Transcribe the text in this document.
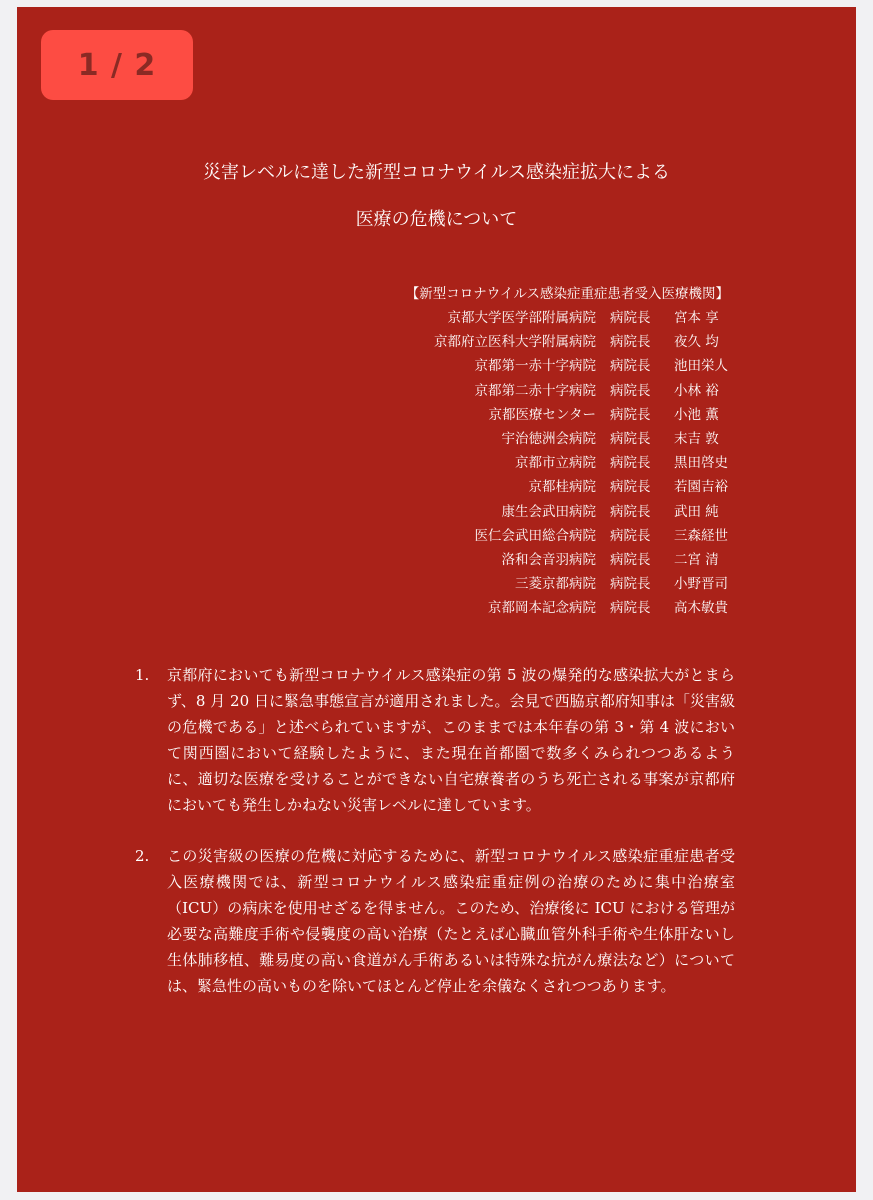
1 / 2
災害レベルに達した新型コロナウイルス感染症拡大による
医療の危機について
【新型コロナウイルス感染症重症患者受入医療機関】
京都大学医学部附属病院 病院長	宮本 享
京都府立医科大学附属病院 病院長	夜久 均
京都第一赤十字病院 病院長	池田栄人
京都第二赤十字病院 病院長	小林 裕
京都医療センター 病院長	小池 薫
宇治徳洲会病院 病院長	末吉 敦
京都市立病院 病院長	黒田啓史
京都桂病院 病院長	若園吉裕
康生会武田病院 病院長	武田 純
医仁会武田総合病院 病院長	三森経世
洛和会音羽病院 病院長	二宮 清
三菱京都病院 病院長	小野晋司
京都岡本記念病院 病院長	高木敏貴
1. 京都府においても新型コロナウイルス感染症の第 5 波の爆発的な感染拡大がとまらず、8 月 20 日に緊急事態宣言が適用されました。会見で西脇京都府知事は「災害級の危機である」と述べられていますが、このままでは本年春の第 3・第 4 波において関西圏において経験したように、また現在首都圏で数多くみられつつあるように、適切な医療を受けることができない自宅療養者のうち死亡される事案が京都府においても発生しかねない災害レベルに達しています。
2. この災害級の医療の危機に対応するために、新型コロナウイルス感染症重症患者受入医療機関では、新型コロナウイルス感染症重症例の治療のために集中治療室（ICU）の病床を使用せざるを得ません。このため、治療後に ICU における管理が必要な高難度手術や侵襲度の高い治療（たとえば心臓血管外科手術や生体肝ないし生体肺移植、難易度の高い食道がん手術あるいは特殊な抗がん療法など）については、緊急性の高いものを除いてほとんど停止を余儀なくされつつあります。
